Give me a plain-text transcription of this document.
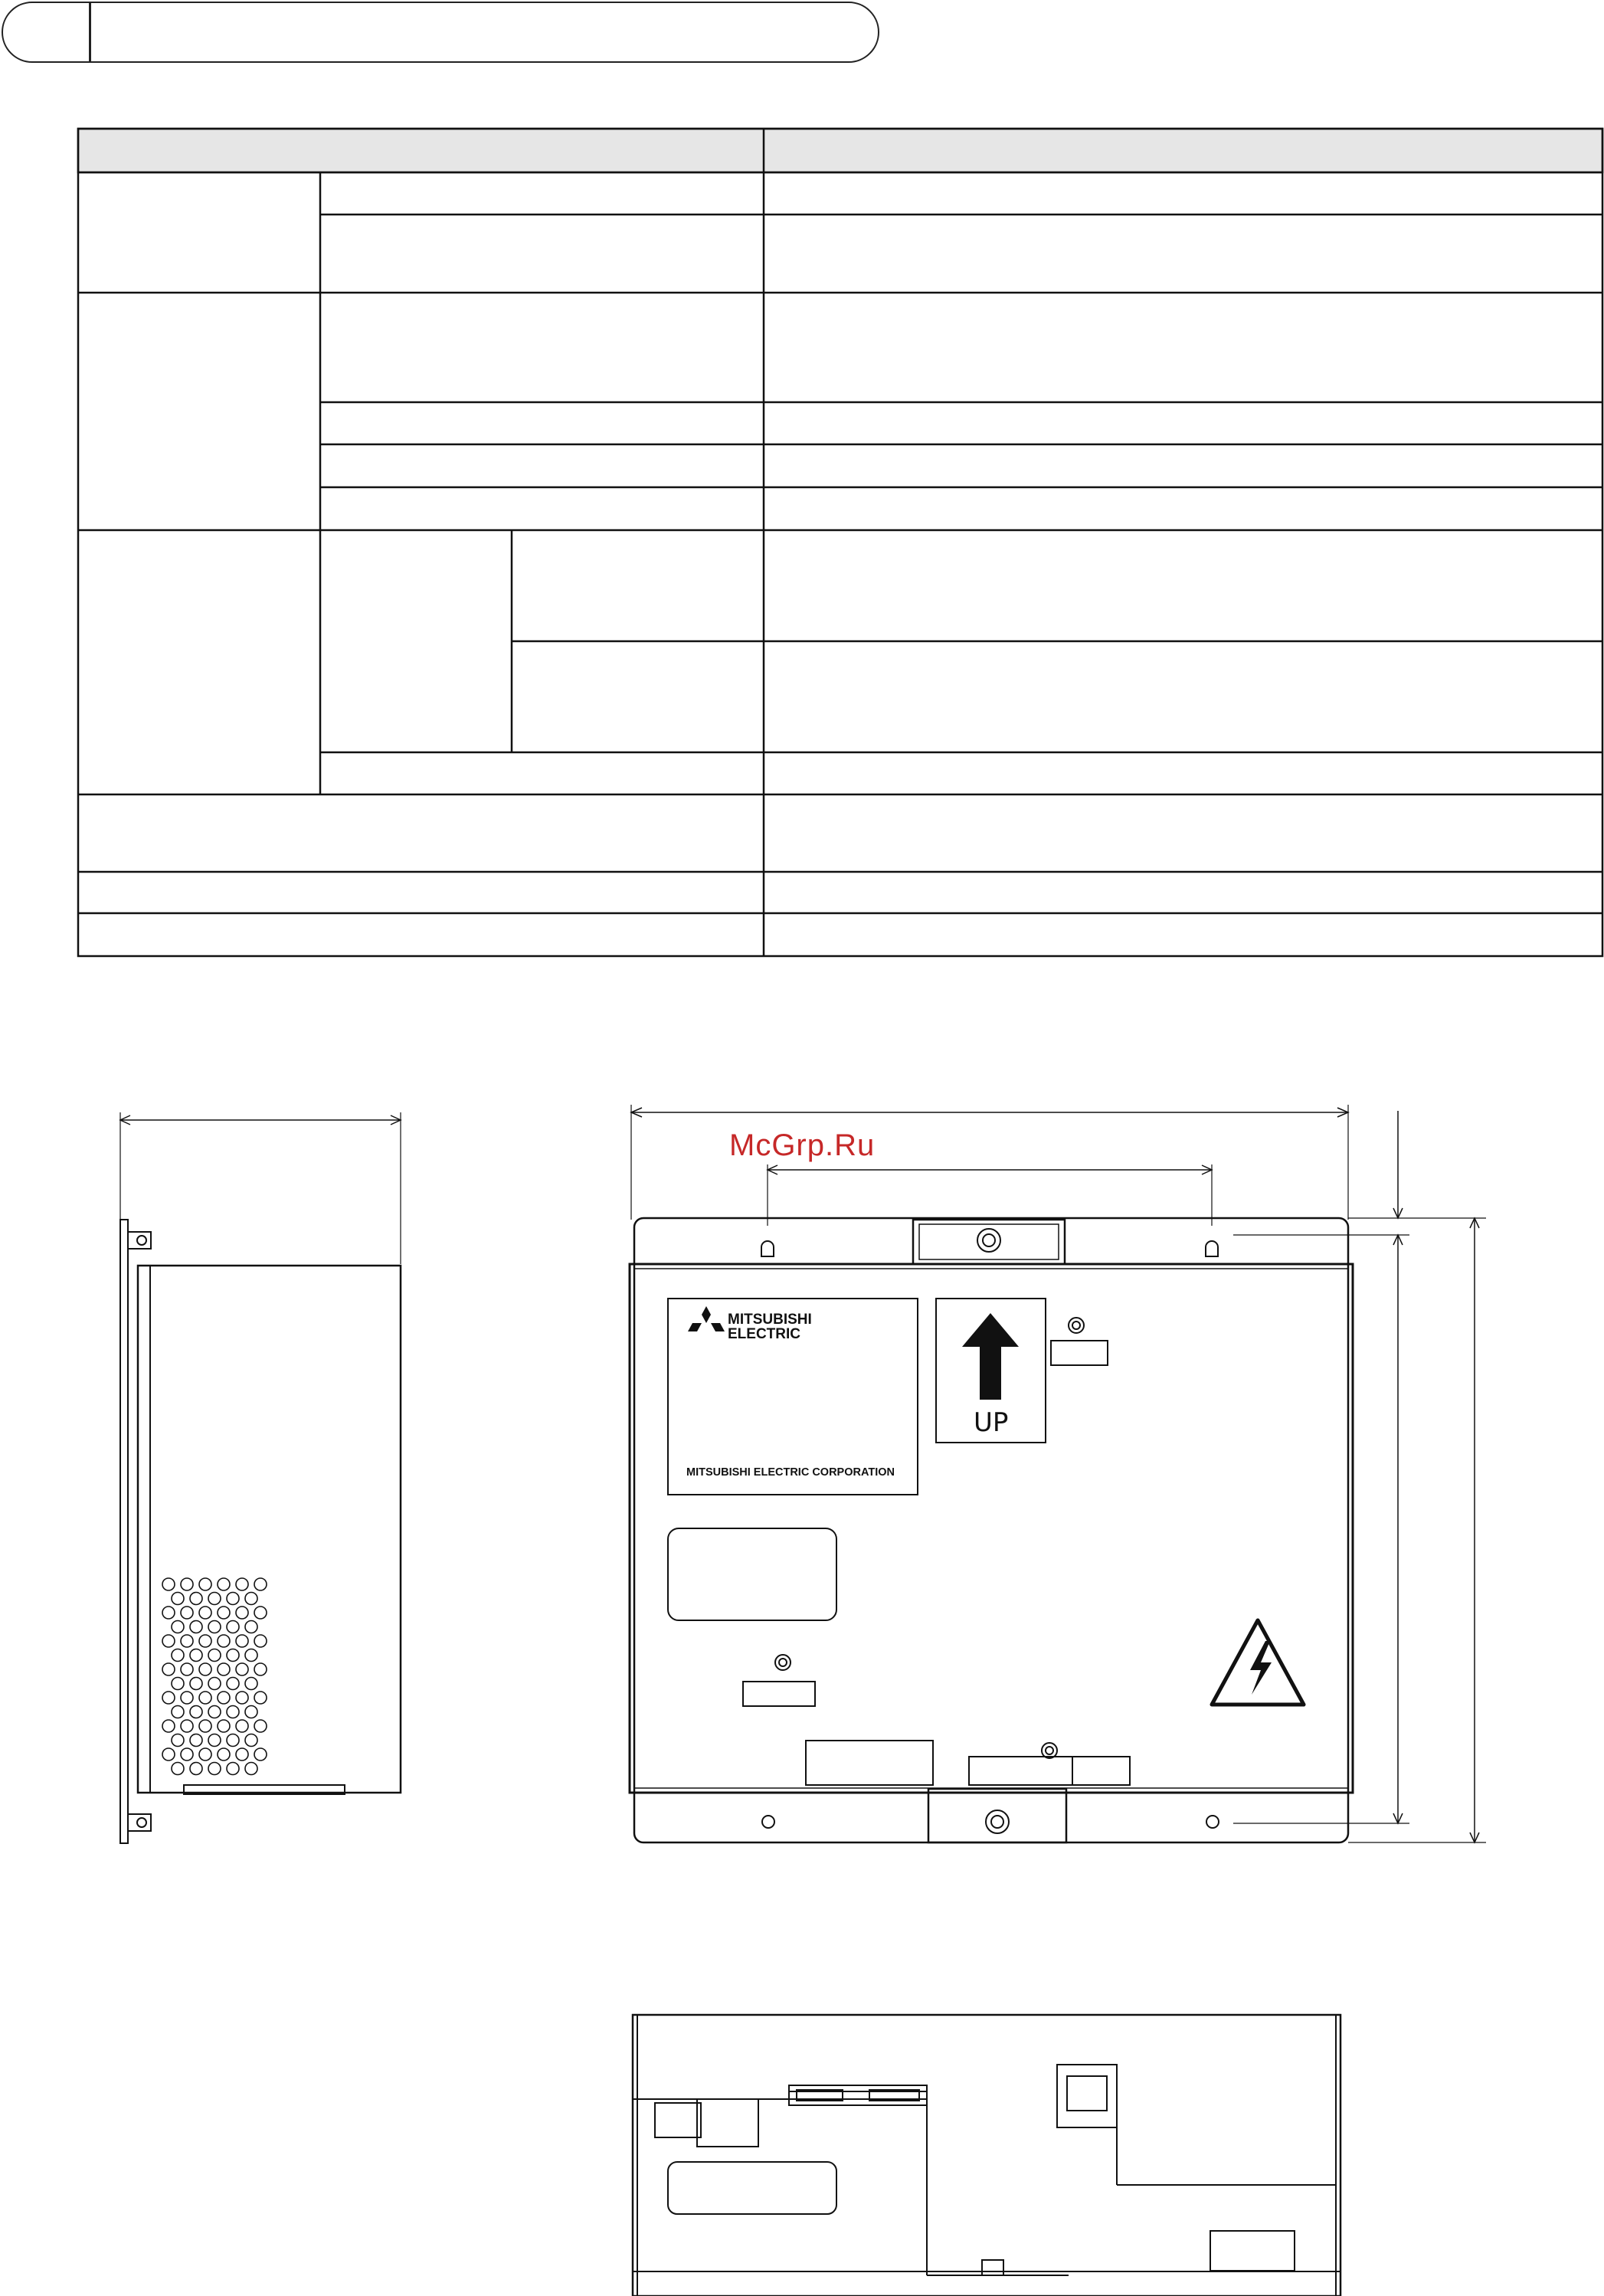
McGrp.Ru
MITSUBISHI
ELECTRIC
MITSUBISHI ELECTRIC CORPORATION
UP
